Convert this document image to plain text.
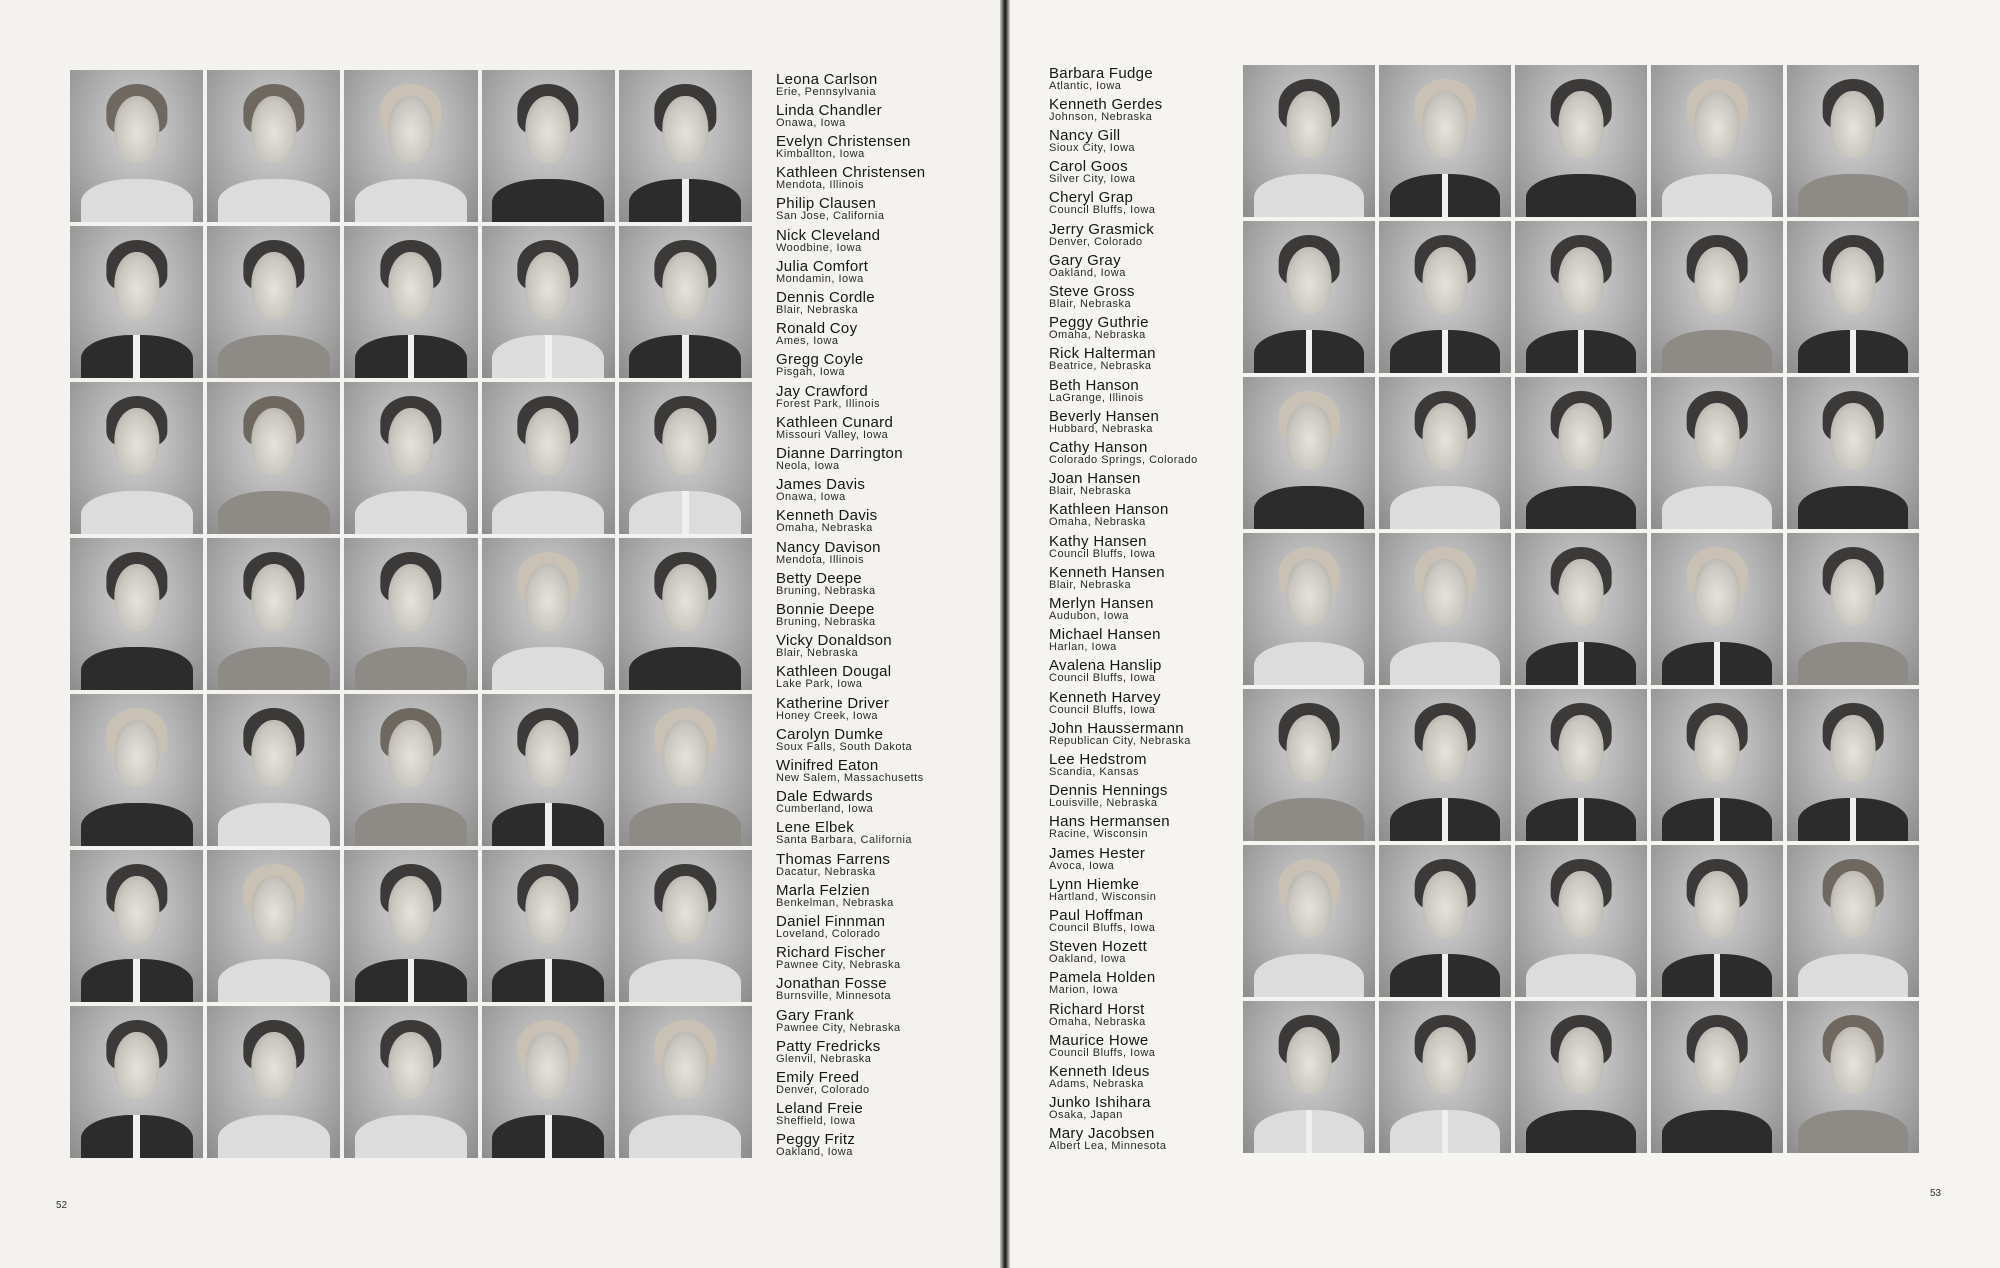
Leona Carlson
Erie, Pennsylvania
Linda Chandler
Onawa, Iowa
Evelyn Christensen
Kimballton, Iowa
Kathleen Christensen
Mendota, Illinois
Philip Clausen
San Jose, California
Nick Cleveland
Woodbine, Iowa
Julia Comfort
Mondamin, Iowa
Dennis Cordle
Blair, Nebraska
Ronald Coy
Ames, Iowa
Gregg Coyle
Pisgah, Iowa
Jay Crawford
Forest Park, Illinois
Kathleen Cunard
Missouri Valley, Iowa
Dianne Darrington
Neola, Iowa
James Davis
Onawa, Iowa
Kenneth Davis
Omaha, Nebraska
Nancy Davison
Mendota, Illinois
Betty Deepe
Bruning, Nebraska
Bonnie Deepe
Bruning, Nebraska
Vicky Donaldson
Blair, Nebraska
Kathleen Dougal
Lake Park, Iowa
Katherine Driver
Honey Creek, Iowa
Carolyn Dumke
Soux Falls, South Dakota
Winifred Eaton
New Salem, Massachusetts
Dale Edwards
Cumberland, Iowa
Lene Elbek
Santa Barbara, California
Thomas Farrens
Dacatur, Nebraska
Marla Felzien
Benkelman, Nebraska
Daniel Finnman
Loveland, Colorado
Richard Fischer
Pawnee City, Nebraska
Jonathan Fosse
Burnsville, Minnesota
Gary Frank
Pawnee City, Nebraska
Patty Fredricks
Glenvil, Nebraska
Emily Freed
Denver, Colorado
Leland Freie
Sheffield, Iowa
Peggy Fritz
Oakland, Iowa
Barbara Fudge
Atlantic, Iowa
Kenneth Gerdes
Johnson, Nebraska
Nancy Gill
Sioux City, Iowa
Carol Goos
Silver City, Iowa
Cheryl Grap
Council Bluffs, Iowa
Jerry Grasmick
Denver, Colorado
Gary Gray
Oakland, Iowa
Steve Gross
Blair, Nebraska
Peggy Guthrie
Omaha, Nebraska
Rick Halterman
Beatrice, Nebraska
Beth Hanson
LaGrange, Illinois
Beverly Hansen
Hubbard, Nebraska
Cathy Hanson
Colorado Springs, Colorado
Joan Hansen
Blair, Nebraska
Kathleen Hanson
Omaha, Nebraska
Kathy Hansen
Council Bluffs, Iowa
Kenneth Hansen
Blair, Nebraska
Merlyn Hansen
Audubon, Iowa
Michael Hansen
Harlan, Iowa
Avalena Hanslip
Council Bluffs, Iowa
Kenneth Harvey
Council Bluffs, Iowa
John Haussermann
Republican City, Nebraska
Lee Hedstrom
Scandia, Kansas
Dennis Hennings
Louisville, Nebraska
Hans Hermansen
Racine, Wisconsin
James Hester
Avoca, Iowa
Lynn Hiemke
Hartland, Wisconsin
Paul Hoffman
Council Bluffs, Iowa
Steven Hozett
Oakland, Iowa
Pamela Holden
Marion, Iowa
Richard Horst
Omaha, Nebraska
Maurice Howe
Council Bluffs, Iowa
Kenneth Ideus
Adams, Nebraska
Junko Ishihara
Osaka, Japan
Mary Jacobsen
Albert Lea, Minnesota
52
53
